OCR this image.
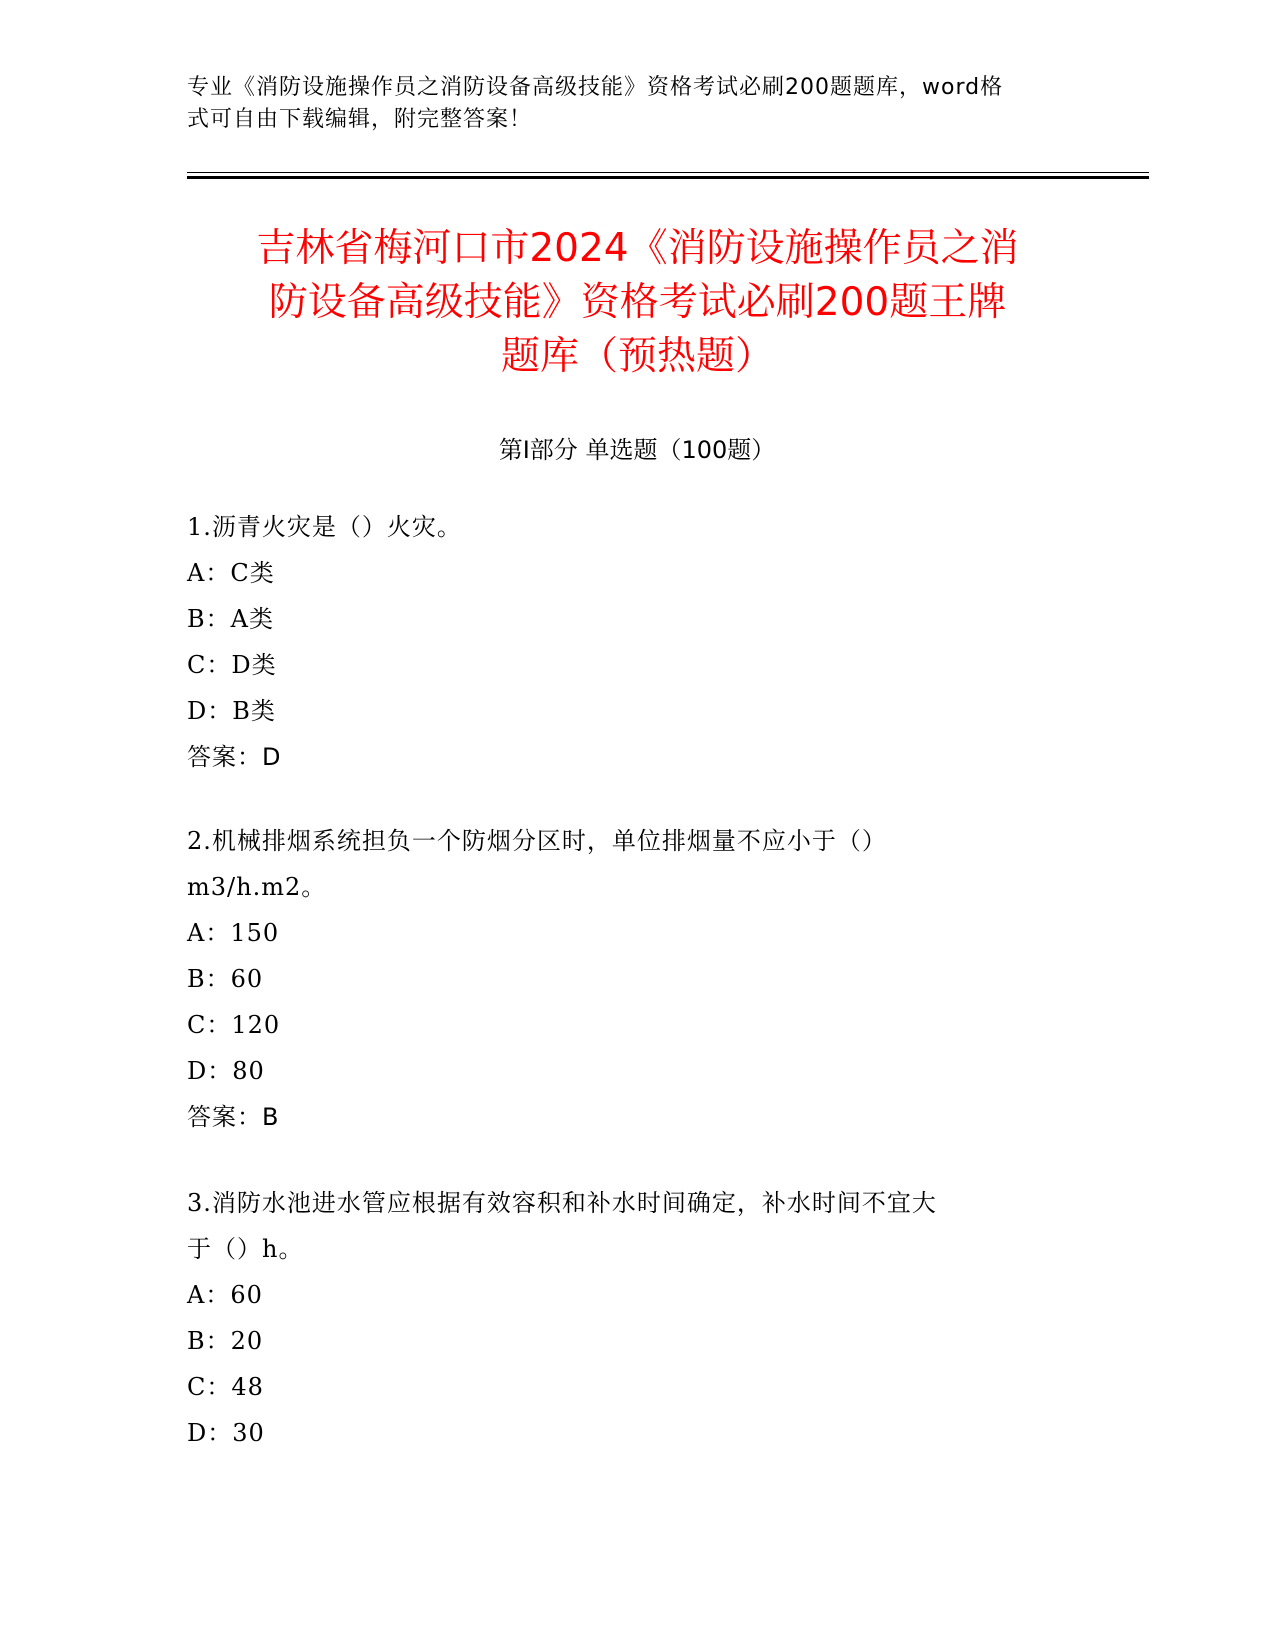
专业《消防设施操作员之消防设备高级技能》资格考试必刷200题题库，word格
式可自由下载编辑，附完整答案！
吉林省梅河口市2024《消防设施操作员之消
防设备高级技能》资格考试必刷200题王牌
题库（预热题）
第I部分 单选题（100题）

1.沥青火灾是（）火灾。

A：C类

B：A类

C：D类

D：B类

答案：D

2.机械排烟系统担负一个防烟分区时，单位排烟量不应小于（）

m3/h.m2。

A：150

B：60

C：120

D：80

答案：B

3.消防水池进水管应根据有效容积和补水时间确定，补水时间不宜大

于（）h。

A：60

B：20

C：48

D：30
